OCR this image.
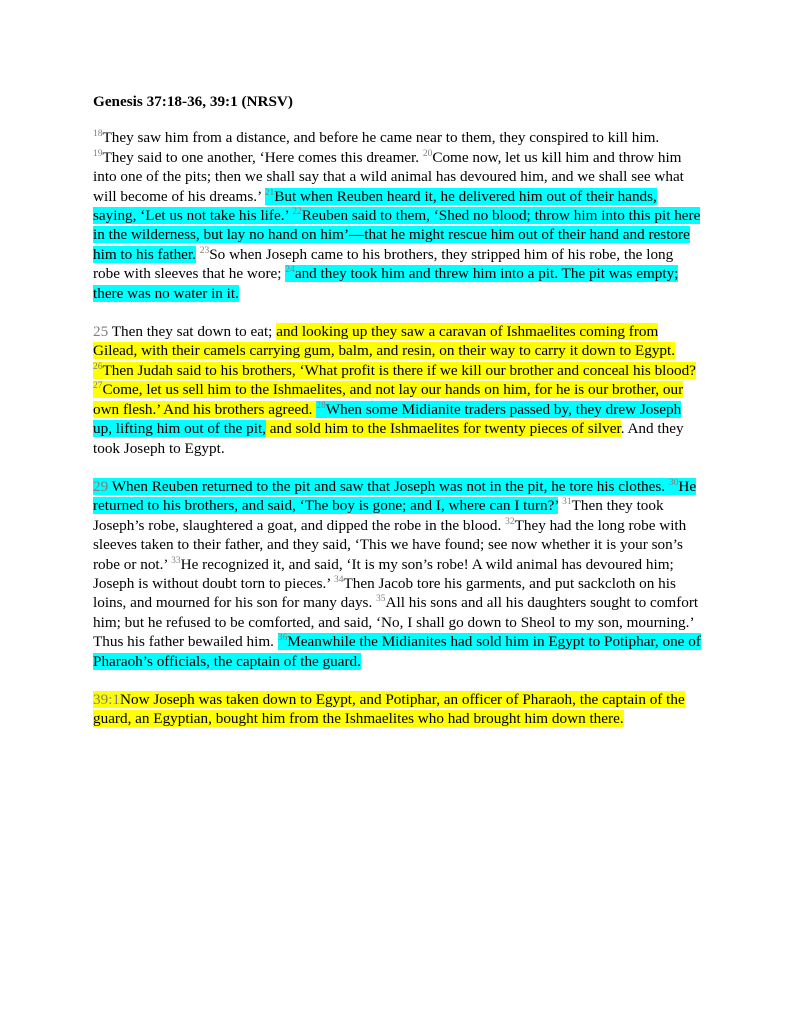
Genesis 37:18-36, 39:1 (NRSV)

$^{18}$They saw him from a distance, and before he came near to them, they conspired to kill him. $^{19}$They said to one another, ‘Here comes this dreamer. $^{20}$Come now, let us kill him and throw him into one of the pits; then we shall say that a wild animal has devoured him, and we shall see what will become of his dreams.’ $^{21}$But when Reuben heard it, he delivered him out of their hands, saying, ‘Let us not take his life.’ $^{22}$Reuben said to them, ‘Shed no blood; throw him into this pit here in the wilderness, but lay no hand on him’—that he might rescue him out of their hand and restore him to his father. $^{23}$So when Joseph came to his brothers, they stripped him of his robe, the long robe with sleeves that he wore; $^{24}$and they took him and threw him into a pit. The pit was empty; there was no water in it.

25 Then they sat down to eat; and looking up they saw a caravan of Ishmaelites coming from Gilead, with their camels carrying gum, balm, and resin, on their way to carry it down to Egypt. $^{26}$Then Judah said to his brothers, ‘What profit is there if we kill our brother and conceal his blood? $^{27}$Come, let us sell him to the Ishmaelites, and not lay our hands on him, for he is our brother, our own flesh.’ And his brothers agreed. $^{28}$When some Midianite traders passed by, they drew Joseph up, lifting him out of the pit, and sold him to the Ishmaelites for twenty pieces of silver. And they took Joseph to Egypt.

29 When Reuben returned to the pit and saw that Joseph was not in the pit, he tore his clothes. $^{30}$He returned to his brothers, and said, ‘The boy is gone; and I, where can I turn?’ $^{31}$Then they took Joseph’s robe, slaughtered a goat, and dipped the robe in the blood. $^{32}$They had the long robe with sleeves taken to their father, and they said, ‘This we have found; see now whether it is your son’s robe or not.’ $^{33}$He recognized it, and said, ‘It is my son’s robe! A wild animal has devoured him; Joseph is without doubt torn to pieces.’ $^{34}$Then Jacob tore his garments, and put sackcloth on his loins, and mourned for his son for many days. $^{35}$All his sons and all his daughters sought to comfort him; but he refused to be comforted, and said, ‘No, I shall go down to Sheol to my son, mourning.’ Thus his father bewailed him. $^{36}$Meanwhile the Midianites had sold him in Egypt to Potiphar, one of Pharaoh’s officials, the captain of the guard.

39:1Now Joseph was taken down to Egypt, and Potiphar, an officer of Pharaoh, the captain of the guard, an Egyptian, bought him from the Ishmaelites who had brought him down there.
